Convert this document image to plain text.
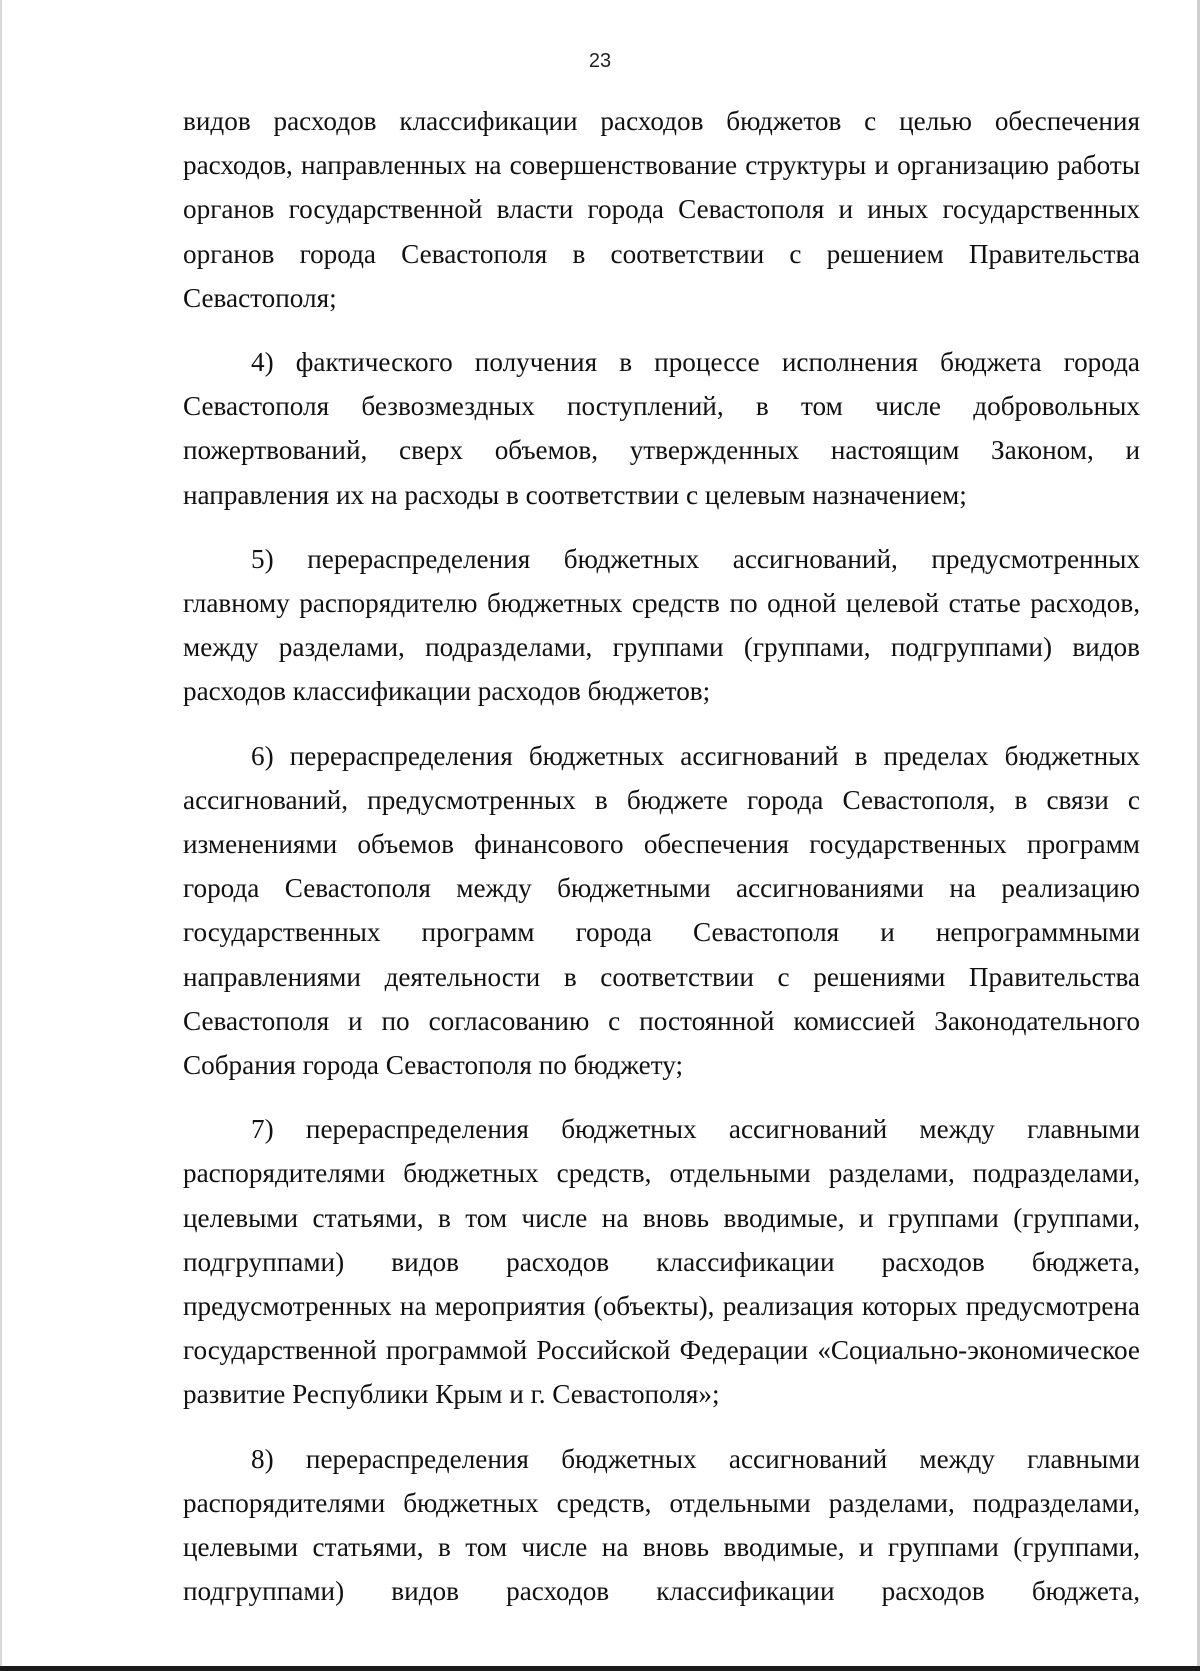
23

видов расходов классификации расходов бюджетов с целью обеспечения расходов, направленных на совершенствование структуры и организацию работы органов государственной власти города Севастополя и иных государственных органов города Севастополя в соответствии с решением Правительства Севастополя;

4) фактического получения в процессе исполнения бюджета города Севастополя безвозмездных поступлений, в том числе добровольных пожертвований, сверх объемов, утвержденных настоящим Законом, и направления их на расходы в соответствии с целевым назначением;

5) перераспределения бюджетных ассигнований, предусмотренных главному распорядителю бюджетных средств по одной целевой статье расходов, между разделами, подразделами, группами (группами, подгруппами) видов расходов классификации расходов бюджетов;

6) перераспределения бюджетных ассигнований в пределах бюджетных ассигнований, предусмотренных в бюджете города Севастополя, в связи с изменениями объемов финансового обеспечения государственных программ города Севастополя между бюджетными ассигнованиями на реализацию государственных программ города Севастополя и непрограммными направлениями деятельности в соответствии с решениями Правительства Севастополя и по согласованию с постоянной комиссией Законодательного Собрания города Севастополя по бюджету;

7) перераспределения бюджетных ассигнований между главными распорядителями бюджетных средств, отдельными разделами, подразделами, целевыми статьями, в том числе на вновь вводимые, и группами (группами, подгруппами) видов расходов классификации расходов бюджета, предусмотренных на мероприятия (объекты), реализация которых предусмотрена государственной программой Российской Федерации «Социально-экономическое развитие Республики Крым и г. Севастополя»;

8) перераспределения бюджетных ассигнований между главными распорядителями бюджетных средств, отдельными разделами, подразделами, целевыми статьями, в том числе на вновь вводимые, и группами (группами, подгруппами) видов расходов классификации расходов бюджета,
